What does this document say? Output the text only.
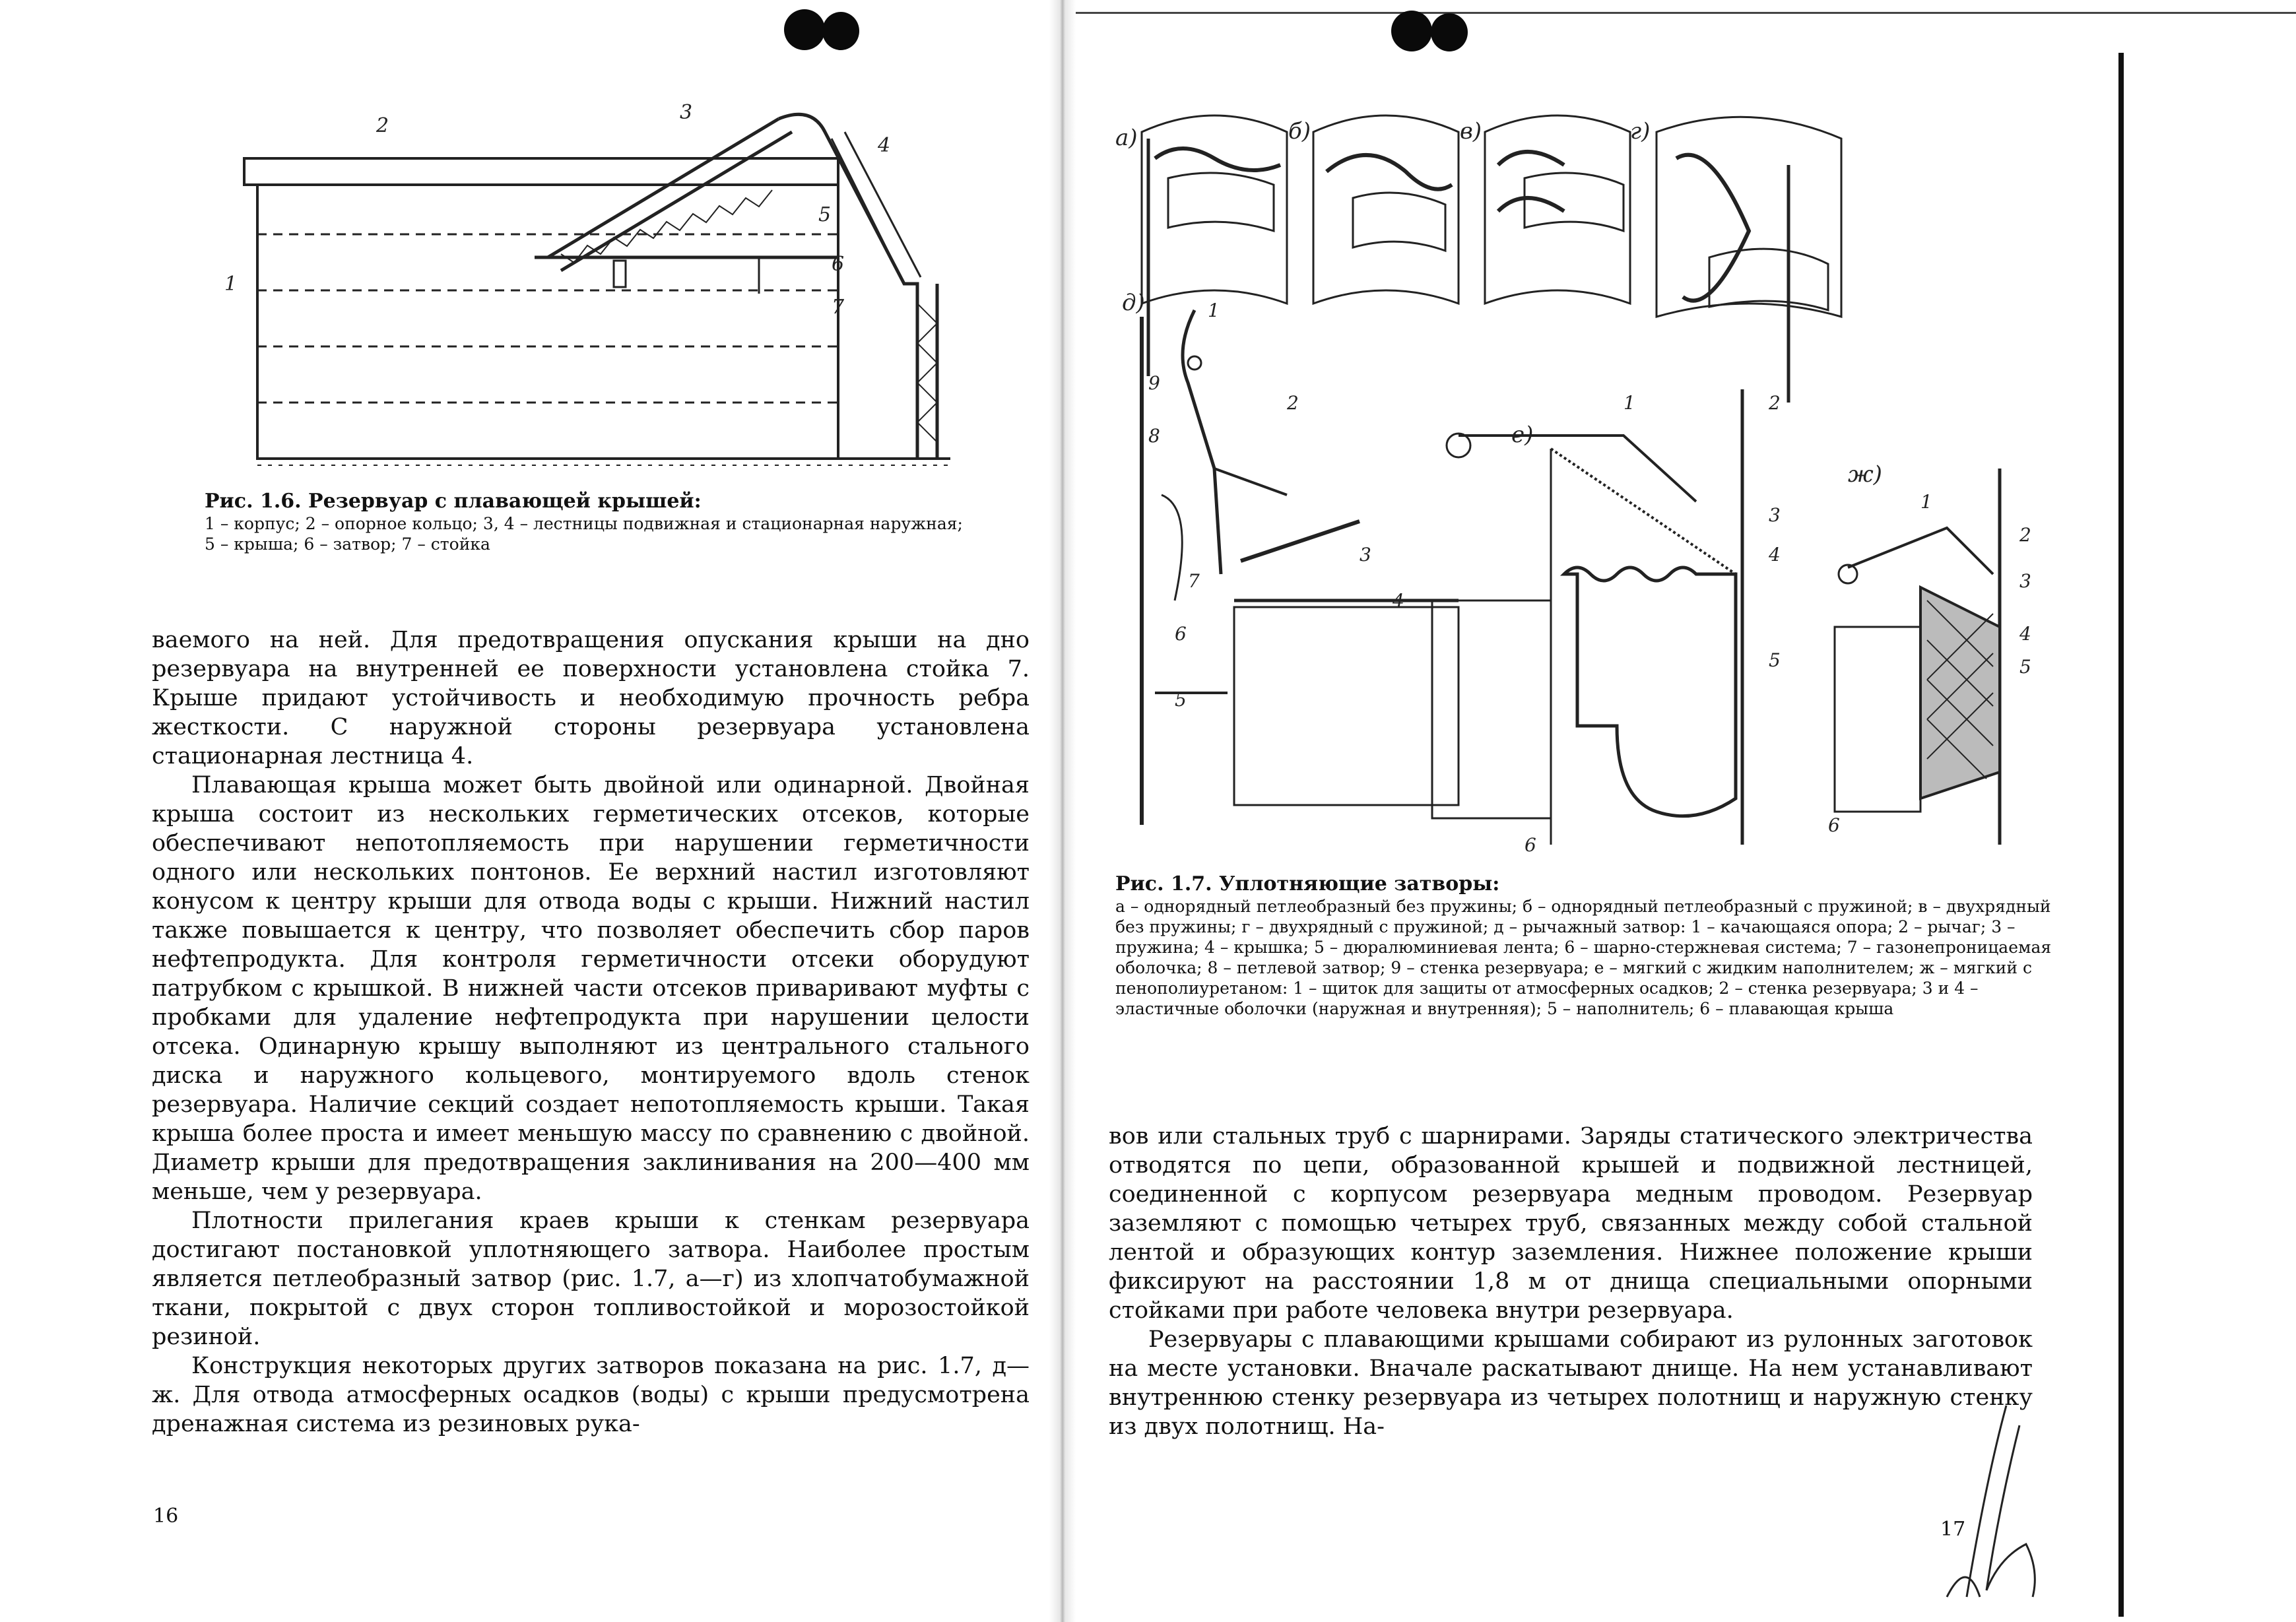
1
2
3
4
5
6
7
Рис. 1.6. Резервуар с плавающей крышей:
1 – корпус; 2 – опорное кольцо; 3, 4 – лестницы подвижная и стационарная наружная; 5 – крыша; 6 – затвор; 7 – стойка

ваемого на ней. Для предотвращения опускания крыши на дно резервуара на внутренней ее поверхности установлена стойка 7. Крыше придают устойчивость и необходимую прочность ребра жесткости. С наружной стороны резервуара установлена стационарная лестница 4.

Плавающая крыша может быть двойной или одинарной. Двойная крыша состоит из нескольких герметических отсеков, которые обеспечивают непотопляемость при нарушении герметичности одного или нескольких понтонов. Ее верхний настил изготовляют конусом к центру крыши для отвода воды с крыши. Нижний настил также повышается к центру, что позволяет обеспечить сбор паров нефтепродукта. Для контроля герметичности отсеки оборудуют патрубком с крышкой. В нижней части отсеков приваривают муфты с пробками для удаление нефтепродукта при нарушении целости отсека. Одинарную крышу выполняют из центрального стального диска и наружного кольцевого, монтируемого вдоль стенок резервуара. Наличие секций создает непотопляемость крыши. Такая крыша более проста и имеет меньшую массу по сравнению с двойной. Диаметр крыши для предотвращения заклинивания на 200—400 мм меньше, чем у резервуара.

Плотности прилегания краев крыши к стенкам резервуара достигают постановкой уплотняющего затвора. Наиболее простым является петлеобразный затвор (рис. 1.7, а—г) из хлопчатобумажной ткани, покрытой с двух сторон топливостойкой и морозостойкой резиной.

Конструкция некоторых других затворов показана на рис. 1.7, д—ж. Для отвода атмосферных осадков (воды) с крыши предусмотрена дренажная система из резиновых рука-

16
а)	б)	в)	г)
д)	1
2
3
4
5
6
7
8
9
е)
1	2
3
4
5
6
ж)
1
2
3
4
5
6
Рис. 1.7. Уплотняющие затворы:
а – однорядный петлеобразный без пружины; б – однорядный петлеобразный с пружиной; в – двухрядный без пружины; г – двухрядный с пружиной; д – рычажный затвор: 1 – качающаяся опора; 2 – рычаг; 3 – пружина; 4 – крышка; 5 – дюралюминиевая лента; 6 – шарно-стержневая система; 7 – газонепроницаемая оболочка; 8 – петлевой затвор; 9 – стенка резервуара; е – мягкий с жидким наполнителем; ж – мягкий с пенополиуретаном: 1 – щиток для защиты от атмосферных осадков; 2 – стенка резервуара; 3 и 4 – эластичные оболочки (наружная и внутренняя); 5 – наполнитель; 6 – плавающая крыша

вов или стальных труб с шарнирами. Заряды статического электричества отводятся по цепи, образованной крышей и подвижной лестницей, соединенной с корпусом резервуара медным проводом. Резервуар заземляют с помощью четырех труб, связанных между собой стальной лентой и образующих контур заземления. Нижнее положение крыши фиксируют на расстоянии 1,8 м от днища специальными опорными стойками при работе человека внутри резервуара.

Резервуары с плавающими крышами собирают из рулонных заготовок на месте установки. Вначале раскатывают днище. На нем устанавливают внутреннюю стенку резервуара из четырех полотнищ и наружную стенку из двух полотнищ. На-

17
